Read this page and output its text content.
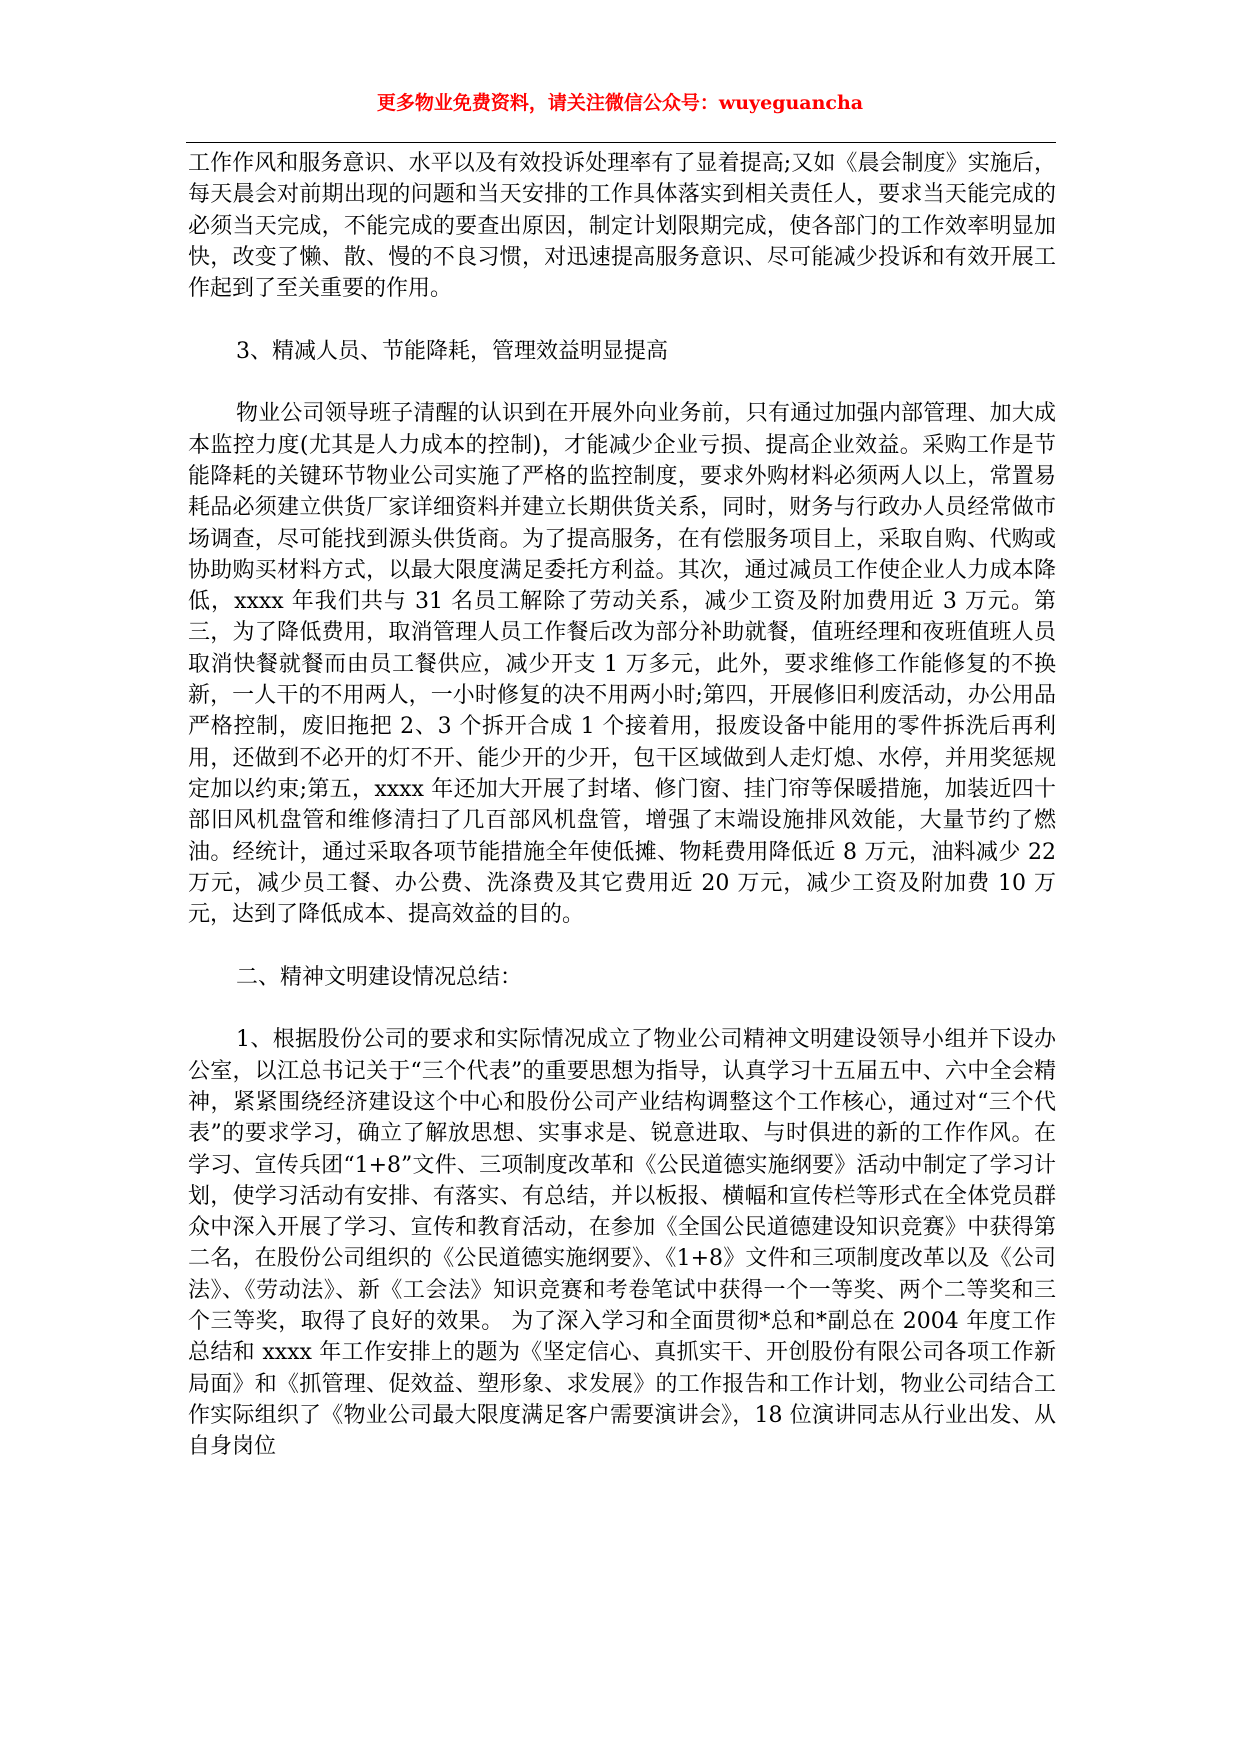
更多物业免费资料，请关注微信公众号：wuyeguancha

工作作风和服务意识、水平以及有效投诉处理率有了显着提高;又如《晨会制度》实施后，每天晨会对前期出现的问题和当天安排的工作具体落实到相关责任人，要求当天能完成的必须当天完成，不能完成的要查出原因，制定计划限期完成，使各部门的工作效率明显加快，改变了懒、散、慢的不良习惯，对迅速提高服务意识、尽可能减少投诉和有效开展工作起到了至关重要的作用。

3、精减人员、节能降耗，管理效益明显提高

物业公司领导班子清醒的认识到在开展外向业务前，只有通过加强内部管理、加大成本监控力度(尤其是人力成本的控制)，才能减少企业亏损、提高企业效益。采购工作是节能降耗的关键环节物业公司实施了严格的监控制度，要求外购材料必须两人以上，常置易耗品必须建立供货厂家详细资料并建立长期供货关系，同时，财务与行政办人员经常做市场调查，尽可能找到源头供货商。为了提高服务，在有偿服务项目上，采取自购、代购或协助购买材料方式，以最大限度满足委托方利益。其次，通过减员工作使企业人力成本降低，xxxx 年我们共与 31 名员工解除了劳动关系，减少工资及附加费用近 3 万元。第三，为了降低费用，取消管理人员工作餐后改为部分补助就餐，值班经理和夜班值班人员取消快餐就餐而由员工餐供应，减少开支 1 万多元，此外，要求维修工作能修复的不换新，一人干的不用两人，一小时修复的决不用两小时;第四，开展修旧利废活动，办公用品严格控制，废旧拖把 2、3 个拆开合成 1 个接着用，报废设备中能用的零件拆洗后再利用，还做到不必开的灯不开、能少开的少开，包干区域做到人走灯熄、水停，并用奖惩规定加以约束;第五，xxxx 年还加大开展了封堵、修门窗、挂门帘等保暖措施，加装近四十部旧风机盘管和维修清扫了几百部风机盘管，增强了末端设施排风效能，大量节约了燃油。经统计，通过采取各项节能措施全年使低摊、物耗费用降低近 8 万元，油料减少 22 万元，减少员工餐、办公费、洗涤费及其它费用近 20 万元，减少工资及附加费 10 万元，达到了降低成本、提高效益的目的。

二、精神文明建设情况总结：

1、根据股份公司的要求和实际情况成立了物业公司精神文明建设领导小组并下设办公室，以江总书记关于“三个代表”的重要思想为指导，认真学习十五届五中、六中全会精神，紧紧围绕经济建设这个中心和股份公司产业结构调整这个工作核心，通过对“三个代表”的要求学习，确立了解放思想、实事求是、锐意进取、与时俱进的新的工作作风。在学习、宣传兵团“1+8”文件、三项制度改革和《公民道德实施纲要》活动中制定了学习计划，使学习活动有安排、有落实、有总结，并以板报、横幅和宣传栏等形式在全体党员群众中深入开展了学习、宣传和教育活动，在参加《全国公民道德建设知识竞赛》中获得第二名，在股份公司组织的《公民道德实施纲要》、《1+8》文件和三项制度改革以及《公司法》、《劳动法》、新《工会法》知识竞赛和考卷笔试中获得一个一等奖、两个二等奖和三个三等奖，取得了良好的效果。 为了深入学习和全面贯彻*总和*副总在 2004 年度工作总结和 xxxx 年工作安排上的题为《坚定信心、真抓实干、开创股份有限公司各项工作新局面》和《抓管理、促效益、塑形象、求发展》的工作报告和工作计划，物业公司结合工作实际组织了《物业公司最大限度满足客户需要演讲会》，18 位演讲同志从行业出发、从自身岗位
